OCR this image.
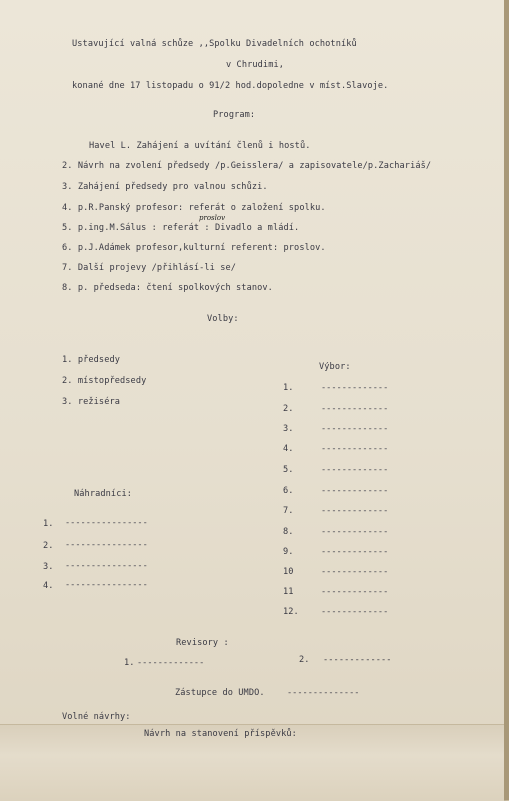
Ustavující valná schůze ,,Spolku Divadelních ochotníků
v Chrudimi,
konané dne 17 listopadu o 91/2 hod.dopoledne v míst.Slavoje.
Program:
Havel L. Zahájení a uvítání členů i hostů.
2. Návrh na zvolení předsedy /p.Geisslera/ a zapisovatele/p.Zachariáš/
3. Zahájení předsedy pro valnou schůzi.
4. p.R.Panský profesor: referát o založení spolku.
5. p.ing.M.Sálus : referát : Divadlo a mládí.
proslov
6. p.J.Adámek profesor,kulturní referent: proslov.
7. Další projevy /přihlásí-li se/
8. p. předseda: čtení spolkových stanov.
Volby:
1. předsedy
2. místopředsedy
3. režiséra
Výbor:
1.	-------------
2.	-------------
3.	-------------
4.	-------------
5.	-------------
6.	-------------
7.	-------------
8.	-------------
9.	-------------
10	-------------
11	-------------
12.	-------------
Náhradníci:
1. ----------------
2. ----------------
3. ----------------
4. ----------------
Revisory :
1. -------------	2. -------------
Zástupce do UMDO.	--------------
Volné návrhy:
Návrh na stanovení příspěvků:
